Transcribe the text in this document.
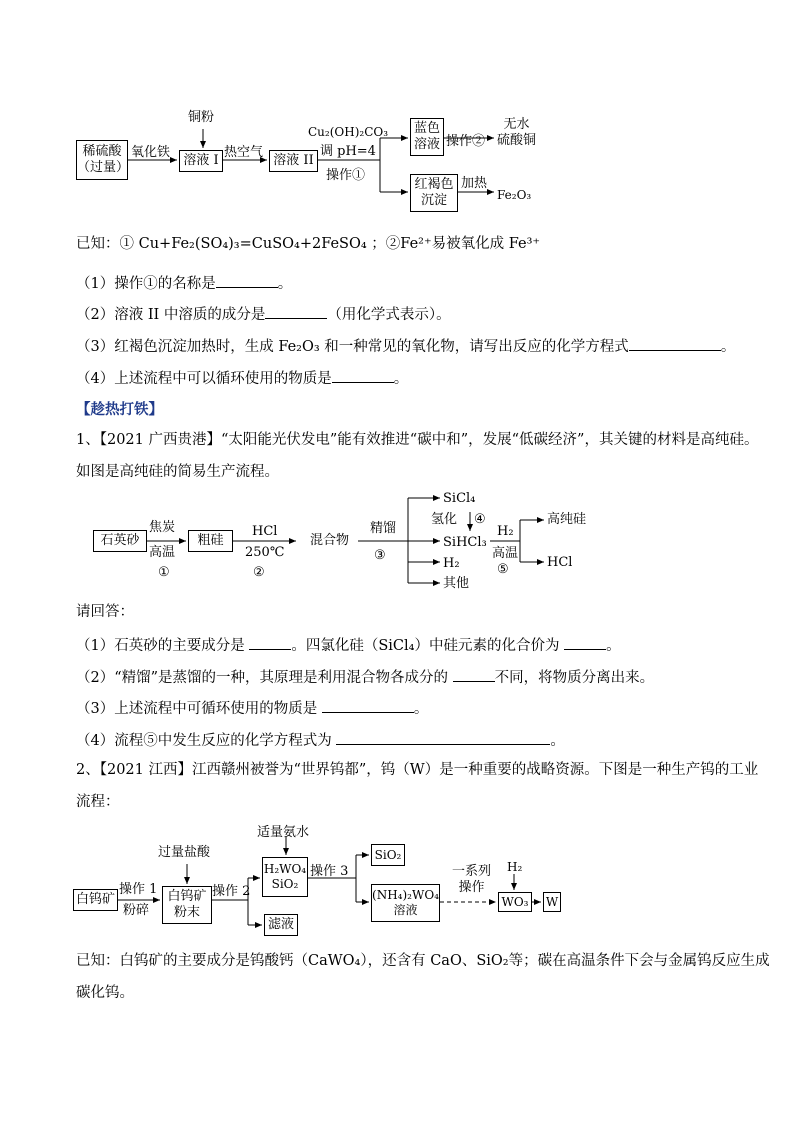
稀硫酸
（过量）
氧化铁
溶液 I
铜粉
热空气
溶液 II
Cu₂(OH)₂CO₃
调 pH=4
操作①
蓝色
溶液 操作②
无水
硫酸铜
红褐色
沉淀
加热
Fe₂O₃
已知：① Cu+Fe₂(SO₄)₃=CuSO₄+2FeSO₄ ；②Fe²⁺易被氧化成 Fe³⁺
（1）操作①的名称是	。
（2）溶液 II 中溶质的成分是	（用化学式表示）。
（3）红褐色沉淀加热时，生成 Fe₂O₃ 和一种常见的氧化物，请写出反应的化学方程式	。
（4）上述流程中可以循环使用的物质是	。
【趁热打铁】
1、【2021 广西贵港】“太阳能光伏发电”能有效推进“碳中和”，发展“低碳经济”，其关键的材料是高纯硅。
如图是高纯硅的简易生产流程。
石英砂
焦炭
高温
①
粗硅
HCl
250℃
②
混合物
精馏
③
SiCl₄
氢化 ④
SiHCl₃
H₂
其他
H₂
高温
⑤
高纯硅
HCl
请回答：
（1）石英砂的主要成分是	。四氯化硅（SiCl₄）中硅元素的化合价为	。
（2）“精馏”是蒸馏的一种，其原理是利用混合物各成分的	不同，将物质分离出来。
（3）上述流程中可循环使用的物质是	。
（4）流程⑤中发生反应的化学方程式为	。
2、【2021 江西】江西赣州被誉为“世界钨都”，钨（W）是一种重要的战略资源。下图是一种生产钨的工业
流程：
白钨矿
操作 1
粉碎
过量盐酸
白钨矿
粉末
操作 2
滤液
适量氨水
H₂WO₄
SiO₂
操作 3
SiO₂
(NH₄)₂WO₄
溶液
一系列
操作
H₂
WO₃ W
已知：白钨矿的主要成分是钨酸钙（CaWO₄），还含有 CaO、SiO₂等；碳在高温条件下会与金属钨反应生成
碳化钨。
